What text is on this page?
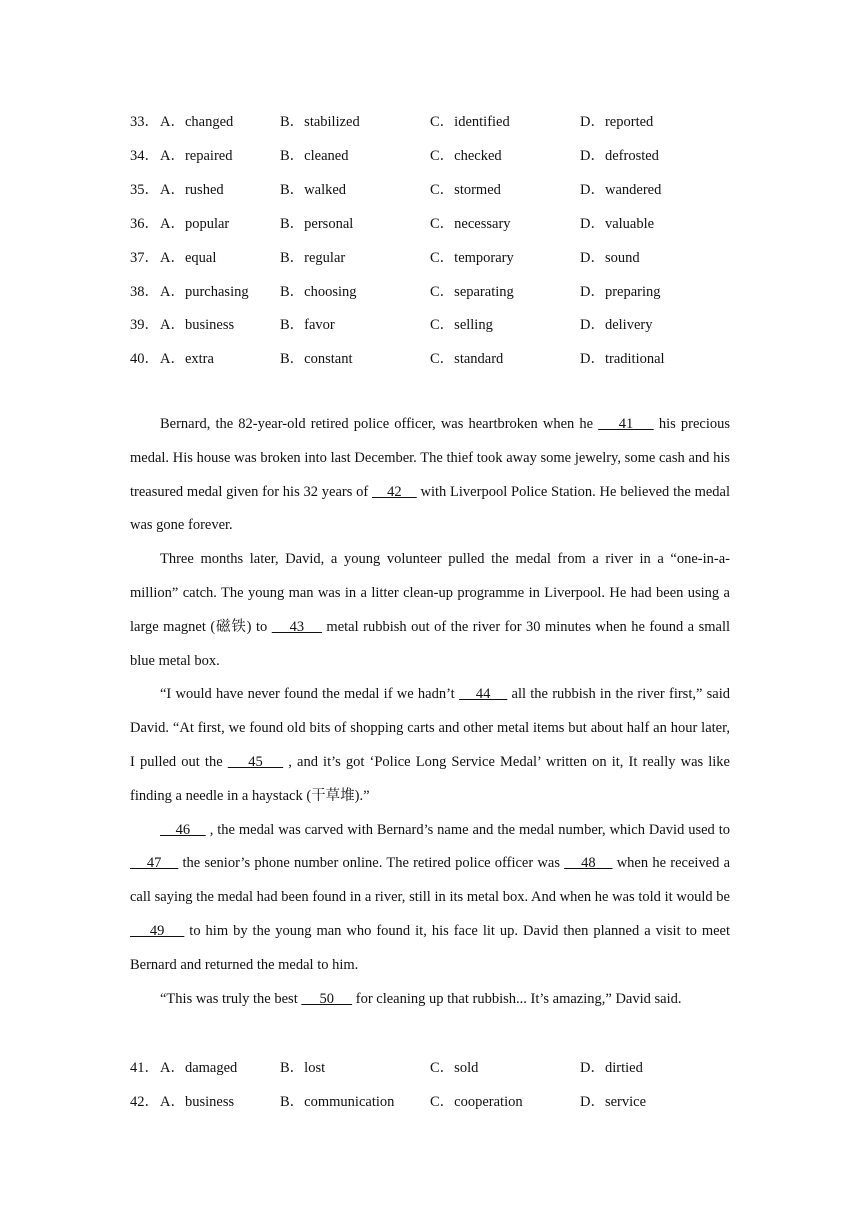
33． A．changed	B．stabilized	C．identified	D．reported
34． A．repaired	B．cleaned	C．checked	D．defrosted
35． A．rushed	B．walked	C．stormed	D．wandered
36． A．popular	B．personal	C．necessary	D．valuable
37． A．equal	B．regular	C．temporary	D．sound
38． A．purchasing B．choosing	C．separating	D．preparing
39． A．business	B．favor	C．selling	D．delivery
40． A．extra	B．constant	C．standard	D．traditional

Bernard, the 82-year-old retired police officer, was heartbroken when he     41     his precious medal. His house was broken into last December. The thief took away some jewelry, some cash and his treasured medal given for his 32 years of     42     with Liverpool Police Station. He believed the medal was gone forever.

Three months later, David, a young volunteer pulled the medal from a river in a “one-in-a-million” catch. The young man was in a litter clean-up programme in Liverpool. He had been using a large magnet (磁铁) to     43     metal rubbish out of the river for 30 minutes when he found a small blue metal box.

“I would have never found the medal if we hadn’t     44     all the rubbish in the river first,” said David. “At first, we found old bits of shopping carts and other metal items but about half an hour later, I pulled out the     45     , and it’s got ‘Police Long Service Medal’ written on it, It really was like finding a needle in a haystack (干草堆).”

46     , the medal was carved with Bernard’s name and the medal number, which David used to     47     the senior’s phone number online. The retired police officer was     48     when he received a call saying the medal had been found in a river, still in its metal box. And when he was told it would be     49     to him by the young man who found it, his face lit up. David then planned a visit to meet Bernard and returned the medal to him.

“This was truly the best      50      for cleaning up that rubbish... It’s amazing,” David said.

41． A．damaged	B．lost	C．sold	D．dirtied
42． A．business	B．communication C．cooperation	D．service
